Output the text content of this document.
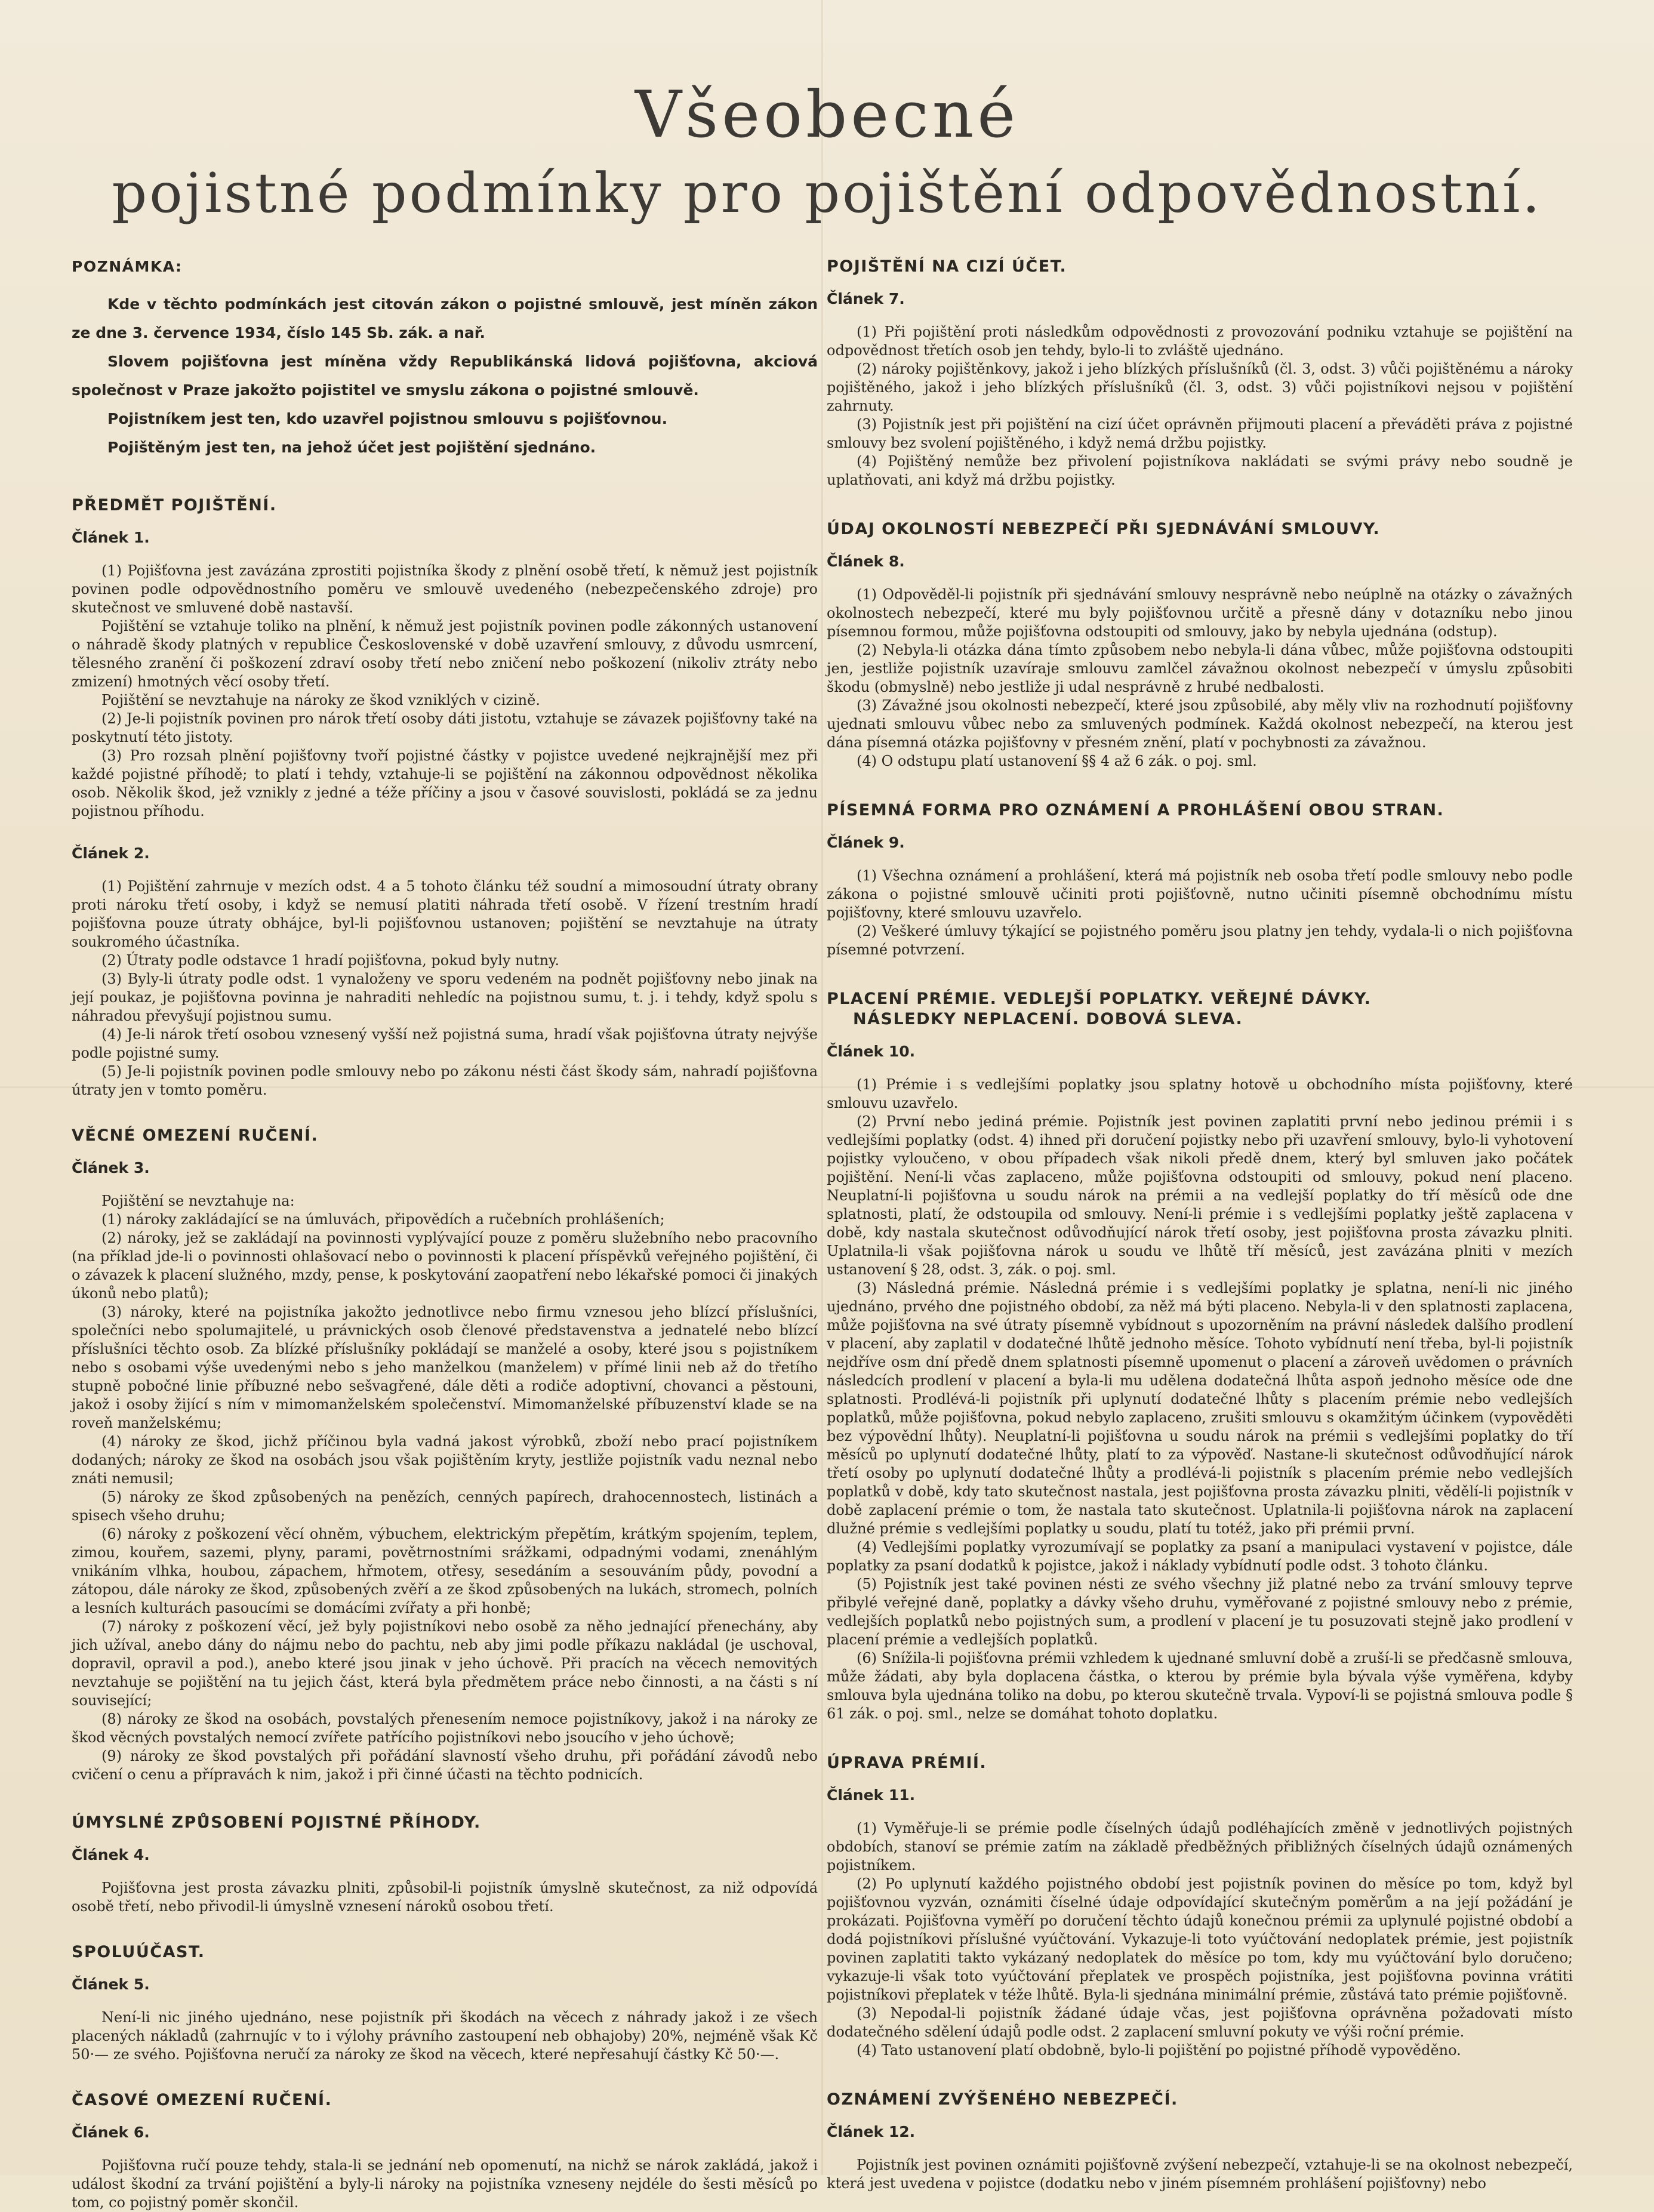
Všeobecné
pojistné podmínky pro pojištění odpovědnostní.
POZNÁMKA:

Kde v těchto podmínkách jest citován zákon o pojistné smlouvě, jest míněn zákon ze dne 3. července 1934, číslo 145 Sb. zák. a nař.

Slovem pojišťovna jest míněna vždy Republikánská lidová pojišťovna, akciová společnost v Praze jakožto pojistitel ve smyslu zákona o pojistné smlouvě.

Pojistníkem jest ten, kdo uzavřel pojistnou smlouvu s pojišťovnou.

Pojištěným jest ten, na jehož účet jest pojištění sjednáno.

PŘEDMĚT POJIŠTĚNÍ.
Článek 1.

(1) Pojišťovna jest zavázána zprostiti pojistníka škody z plnění osobě třetí, k němuž jest pojistník povinen podle odpovědnostního poměru ve smlouvě uvedeného (nebezpečenského zdroje) pro skutečnost ve smluvené době nastavší.

Pojištění se vztahuje toliko na plnění, k němuž jest pojistník povinen podle zákonných ustanovení o náhradě škody platných v republice Československé v době uzavření smlouvy, z důvodu usmrcení, tělesného zranění či poškození zdraví osoby třetí nebo zničení nebo poškození (nikoliv ztráty nebo zmizení) hmotných věcí osoby třetí.

Pojištění se nevztahuje na nároky ze škod vzniklých v cizině.

(2) Je-li pojistník povinen pro nárok třetí osoby dáti jistotu, vztahuje se závazek pojišťovny také na poskytnutí této jistoty.

(3) Pro rozsah plnění pojišťovny tvoří pojistné částky v pojistce uvedené nejkrajnější mez při každé pojistné příhodě; to platí i tehdy, vztahuje-li se pojištění na zákonnou odpovědnost několika osob. Několik škod, jež vznikly z jedné a téže příčiny a jsou v časové souvislosti, pokládá se za jednu pojistnou příhodu.

Článek 2.

(1) Pojištění zahrnuje v mezích odst. 4 a 5 tohoto článku též soudní a mimosoudní útraty obrany proti nároku třetí osoby, i když se nemusí platiti náhrada třetí osobě. V řízení trestním hradí pojišťovna pouze útraty obhájce, byl-li pojišťovnou ustanoven; pojištění se nevztahuje na útraty soukromého účastníka.

(2) Útraty podle odstavce 1 hradí pojišťovna, pokud byly nutny.

(3) Byly-li útraty podle odst. 1 vynaloženy ve sporu vedeném na podnět pojišťovny nebo jinak na její poukaz, je pojišťovna povinna je nahraditi nehledíc na pojistnou sumu, t. j. i tehdy, když spolu s náhradou převyšují pojistnou sumu.

(4) Je-li nárok třetí osobou vznesený vyšší než pojistná suma, hradí však pojišťovna útraty nejvýše podle pojistné sumy.

(5) Je-li pojistník povinen podle smlouvy nebo po zákonu nésti část škody sám, nahradí pojišťovna útraty jen v tomto poměru.

VĚCNÉ OMEZENÍ RUČENÍ.
Článek 3.

Pojištění se nevztahuje na:

(1) nároky zakládající se na úmluvách, připovědích a ručebních prohlášeních;
(2) nároky, jež se zakládají na povinnosti vyplývající pouze z poměru služebního nebo pracovního (na příklad jde-li o povinnosti ohlašovací nebo o povinnosti k placení příspěvků veřejného pojištění, či o závazek k placení služného, mzdy, pense, k poskytování zaopatření nebo lékařské pomoci či jinakých úkonů nebo platů);
(3) nároky, které na pojistníka jakožto jednotlivce nebo firmu vznesou jeho blízcí příslušníci, společníci nebo spolumajitelé, u právnických osob členové představenstva a jednatelé nebo blízcí příslušníci těchto osob. Za blízké příslušníky pokládají se manželé a osoby, které jsou s pojistníkem nebo s osobami výše uvedenými nebo s jeho manželkou (manželem) v přímé linii neb až do třetího stupně pobočné linie příbuzné nebo sešvagřené, dále děti a rodiče adoptivní, chovanci a pěstouni, jakož i osoby žijící s ním v mimomanželském společenství. Mimomanželské příbuzenství klade se na roveň manželskému;
(4) nároky ze škod, jichž příčinou byla vadná jakost výrobků, zboží nebo prací pojistníkem dodaných; nároky ze škod na osobách jsou však pojištěním kryty, jestliže pojistník vadu neznal nebo znáti nemusil;
(5) nároky ze škod způsobených na penězích, cenných papírech, drahocennostech, listinách a spisech všeho druhu;
(6) nároky z poškození věcí ohněm, výbuchem, elektrickým přepětím, krátkým spojením, teplem, zimou, kouřem, sazemi, plyny, parami, povětrnostními srážkami, odpadnými vodami, znenáhlým vnikáním vlhka, houbou, zápachem, hřmotem, otřesy, sesedáním a sesouváním půdy, povodní a zátopou, dále nároky ze škod, způsobených zvěří a ze škod způsobených na lukách, stromech, polních a lesních kulturách pasoucími se domácími zvířaty a při honbě;
(7) nároky z poškození věcí, jež byly pojistníkovi nebo osobě za něho jednající přenechány, aby jich užíval, anebo dány do nájmu nebo do pachtu, neb aby jimi podle příkazu nakládal (je uschoval, dopravil, opravil a pod.), anebo které jsou jinak v jeho úchově. Při pracích na věcech nemovitých nevztahuje se pojištění na tu jejich část, která byla předmětem práce nebo činnosti, a na části s ní související;
(8) nároky ze škod na osobách, povstalých přenesením nemoce pojistníkovy, jakož i na nároky ze škod věcných povstalých nemocí zvířete patřícího pojistníkovi nebo jsoucího v jeho úchově;
(9) nároky ze škod povstalých při pořádání slavností všeho druhu, při pořádání závodů nebo cvičení o cenu a přípravách k nim, jakož i při činné účasti na těchto podnicích.
ÚMYSLNÉ ZPŮSOBENÍ POJISTNÉ PŘÍHODY.
Článek 4.

Pojišťovna jest prosta závazku plniti, způsobil-li pojistník úmyslně skutečnost, za niž odpovídá osobě třetí, nebo přivodil-li úmyslně vznesení nároků osobou třetí.

SPOLUÚČAST.
Článek 5.

Není-li nic jiného ujednáno, nese pojistník při škodách na věcech z náhrady jakož i ze všech placených nákladů (zahrnujíc v to i výlohy právního zastoupení neb obhajoby) 20%, nejméně však Kč 50·— ze svého. Pojišťovna neručí za nároky ze škod na věcech, které nepřesahují částky Kč 50·—.

ČASOVÉ OMEZENÍ RUČENÍ.
Článek 6.

Pojišťovna ručí pouze tehdy, stala-li se jednání neb opomenutí, na nichž se nárok zakládá, jakož i událost škodní za trvání pojištění a byly-li nároky na pojistníka vzneseny nejdéle do šesti měsíců po tom, co pojistný poměr skončil.

POJIŠTĚNÍ NA CIZÍ ÚČET.
Článek 7.

(1) Při pojištění proti následkům odpovědnosti z provozování podniku vztahuje se pojištění na odpovědnost třetích osob jen tehdy, bylo-li to zvláště ujednáno.

(2) nároky pojištěnkovy, jakož i jeho blízkých příslušníků (čl. 3, odst. 3) vůči pojištěnému a nároky pojištěného, jakož i jeho blízkých příslušníků (čl. 3, odst. 3) vůči pojistníkovi nejsou v pojištění zahrnuty.

(3) Pojistník jest při pojištění na cizí účet oprávněn přijmouti placení a převáděti práva z pojistné smlouvy bez svolení pojištěného, i když nemá držbu pojistky.

(4) Pojištěný nemůže bez přivolení pojistníkova nakládati se svými právy nebo soudně je uplatňovati, ani když má držbu pojistky.

ÚDAJ OKOLNOSTÍ NEBEZPEČÍ PŘI SJEDNÁVÁNÍ SMLOUVY.
Článek 8.

(1) Odpověděl-li pojistník při sjednávání smlouvy nesprávně nebo neúplně na otázky o závažných okolnostech nebezpečí, které mu byly pojišťovnou určitě a přesně dány v dotazníku nebo jinou písemnou formou, může pojišťovna odstoupiti od smlouvy, jako by nebyla ujednána (odstup).

(2) Nebyla-li otázka dána tímto způsobem nebo nebyla-li dána vůbec, může pojišťovna odstoupiti jen, jestliže pojistník uzavíraje smlouvu zamlčel závažnou okolnost nebezpečí v úmyslu způsobiti škodu (obmyslně) nebo jestliže ji udal nesprávně z hrubé nedbalosti.

(3) Závažné jsou okolnosti nebezpečí, které jsou způsobilé, aby měly vliv na rozhodnutí pojišťovny ujednati smlouvu vůbec nebo za smluvených podmínek. Každá okolnost nebezpečí, na kterou jest dána písemná otázka pojišťovny v přesném znění, platí v pochybnosti za závažnou.

(4) O odstupu platí ustanovení §§ 4 až 6 zák. o poj. sml.

PÍSEMNÁ FORMA PRO OZNÁMENÍ A PROHLÁŠENÍ OBOU STRAN.
Článek 9.

(1) Všechna oznámení a prohlášení, která má pojistník neb osoba třetí podle smlouvy nebo podle zákona o pojistné smlouvě učiniti proti pojišťovně, nutno učiniti písemně obchodnímu místu pojišťovny, které smlouvu uzavřelo.

(2) Veškeré úmluvy týkající se pojistného poměru jsou platny jen tehdy, vydala-li o nich pojišťovna písemné potvrzení.

PLACENÍ PRÉMIE. VEDLEJŠÍ POPLATKY. VEŘEJNÉ DÁVKY.
NÁSLEDKY NEPLACENÍ. DOBOVÁ SLEVA.
Článek 10.

(1) Prémie i s vedlejšími poplatky jsou splatny hotově u obchodního místa pojišťovny, které smlouvu uzavřelo.

(2) První nebo jediná prémie. Pojistník jest povinen zaplatiti první nebo jedinou prémii i s vedlejšími poplatky (odst. 4) ihned při doručení pojistky nebo při uzavření smlouvy, bylo-li vyhotovení pojistky vyloučeno, v obou případech však nikoli předě dnem, který byl smluven jako počátek pojištění. Není-li včas zaplaceno, může pojišťovna odstoupiti od smlouvy, pokud není placeno. Neuplatní-li pojišťovna u soudu nárok na prémii a na vedlejší poplatky do tří měsíců ode dne splatnosti, platí, že odstoupila od smlouvy. Není-li prémie i s vedlejšími poplatky ještě zaplacena v době, kdy nastala skutečnost odůvodňující nárok třetí osoby, jest pojišťovna prosta závazku plniti. Uplatnila-li však pojišťovna nárok u soudu ve lhůtě tří měsíců, jest zavázána plniti v mezích ustanovení § 28, odst. 3, zák. o poj. sml.

(3) Následná prémie. Následná prémie i s vedlejšími poplatky je splatna, není-li nic jiného ujednáno, prvého dne pojistného období, za něž má býti placeno. Nebyla-li v den splatnosti zaplacena, může pojišťovna na své útraty písemně vybídnout s upozorněním na právní následek dalšího prodlení v placení, aby zaplatil v dodatečné lhůtě jednoho měsíce. Tohoto vybídnutí není třeba, byl-li pojistník nejdříve osm dní předě dnem splatnosti písemně upomenut o placení a zároveň uvědomen o právních následcích prodlení v placení a byla-li mu udělena dodatečná lhůta aspoň jednoho měsíce ode dne splatnosti. Prodlévá-li pojistník při uplynutí dodatečné lhůty s placením prémie nebo vedlejších poplatků, může pojišťovna, pokud nebylo zaplaceno, zrušiti smlouvu s okamžitým účinkem (vypověděti bez výpovědní lhůty). Neuplatní-li pojišťovna u soudu nárok na prémii s vedlejšími poplatky do tří měsíců po uplynutí dodatečné lhůty, platí to za výpověď. Nastane-li skutečnost odůvodňující nárok třetí osoby po uplynutí dodatečné lhůty a prodlévá-li pojistník s placením prémie nebo vedlejších poplatků v době, kdy tato skutečnost nastala, jest pojišťovna prosta závazku plniti, vědělí-li pojistník v době zaplacení prémie o tom, že nastala tato skutečnost. Uplatnila-li pojišťovna nárok na zaplacení dlužné prémie s vedlejšími poplatky u soudu, platí tu totéž, jako při prémii první.

(4) Vedlejšími poplatky vyrozumívají se poplatky za psaní a manipulaci vystavení v pojistce, dále poplatky za psaní dodatků k pojistce, jakož i náklady vybídnutí podle odst. 3 tohoto článku.

(5) Pojistník jest také povinen nésti ze svého všechny již platné nebo za trvání smlouvy teprve přibylé veřejné daně, poplatky a dávky všeho druhu, vyměřované z pojistné smlouvy nebo z prémie, vedlejších poplatků nebo pojistných sum, a prodlení v placení je tu posuzovati stejně jako prodlení v placení prémie a vedlejších poplatků.

(6) Snížila-li pojišťovna prémii vzhledem k ujednané smluvní době a zruší-li se předčasně smlouva, může žádati, aby byla doplacena částka, o kterou by prémie byla bývala výše vyměřena, kdyby smlouva byla ujednána toliko na dobu, po kterou skutečně trvala. Vypoví-li se pojistná smlouva podle § 61 zák. o poj. sml., nelze se domáhat tohoto doplatku.

ÚPRAVA PRÉMIÍ.
Článek 11.

(1) Vyměřuje-li se prémie podle číselných údajů podléhajících změně v jednotlivých pojistných obdobích, stanoví se prémie zatím na základě předběžných přibližných číselných údajů oznámených pojistníkem.

(2) Po uplynutí každého pojistného období jest pojistník povinen do měsíce po tom, když byl pojišťovnou vyzván, oznámiti číselné údaje odpovídající skutečným poměrům a na její požádání je prokázati. Pojišťovna vyměří po doručení těchto údajů konečnou prémii za uplynulé pojistné období a dodá pojistníkovi příslušné vyúčtování. Vykazuje-li toto vyúčtování nedoplatek prémie, jest pojistník povinen zaplatiti takto vykázaný nedoplatek do měsíce po tom, kdy mu vyúčtování bylo doručeno; vykazuje-li však toto vyúčtování přeplatek ve prospěch pojistníka, jest pojišťovna povinna vrátiti pojistníkovi přeplatek v téže lhůtě. Byla-li sjednána minimální prémie, zůstává tato prémie pojišťovně.

(3) Nepodal-li pojistník žádané údaje včas, jest pojišťovna oprávněna požadovati místo dodatečného sdělení údajů podle odst. 2 zaplacení smluvní pokuty ve výši roční prémie.

(4) Tato ustanovení platí obdobně, bylo-li pojištění po pojistné příhodě vypověděno.

OZNÁMENÍ ZVÝŠENÉHO NEBEZPEČÍ.
Článek 12.

Pojistník jest povinen oznámiti pojišťovně zvýšení nebezpečí, vztahuje-li se na okolnost nebezpečí, která jest uvedena v pojistce (dodatku nebo v jiném písemném prohlášení pojišťovny) nebo
